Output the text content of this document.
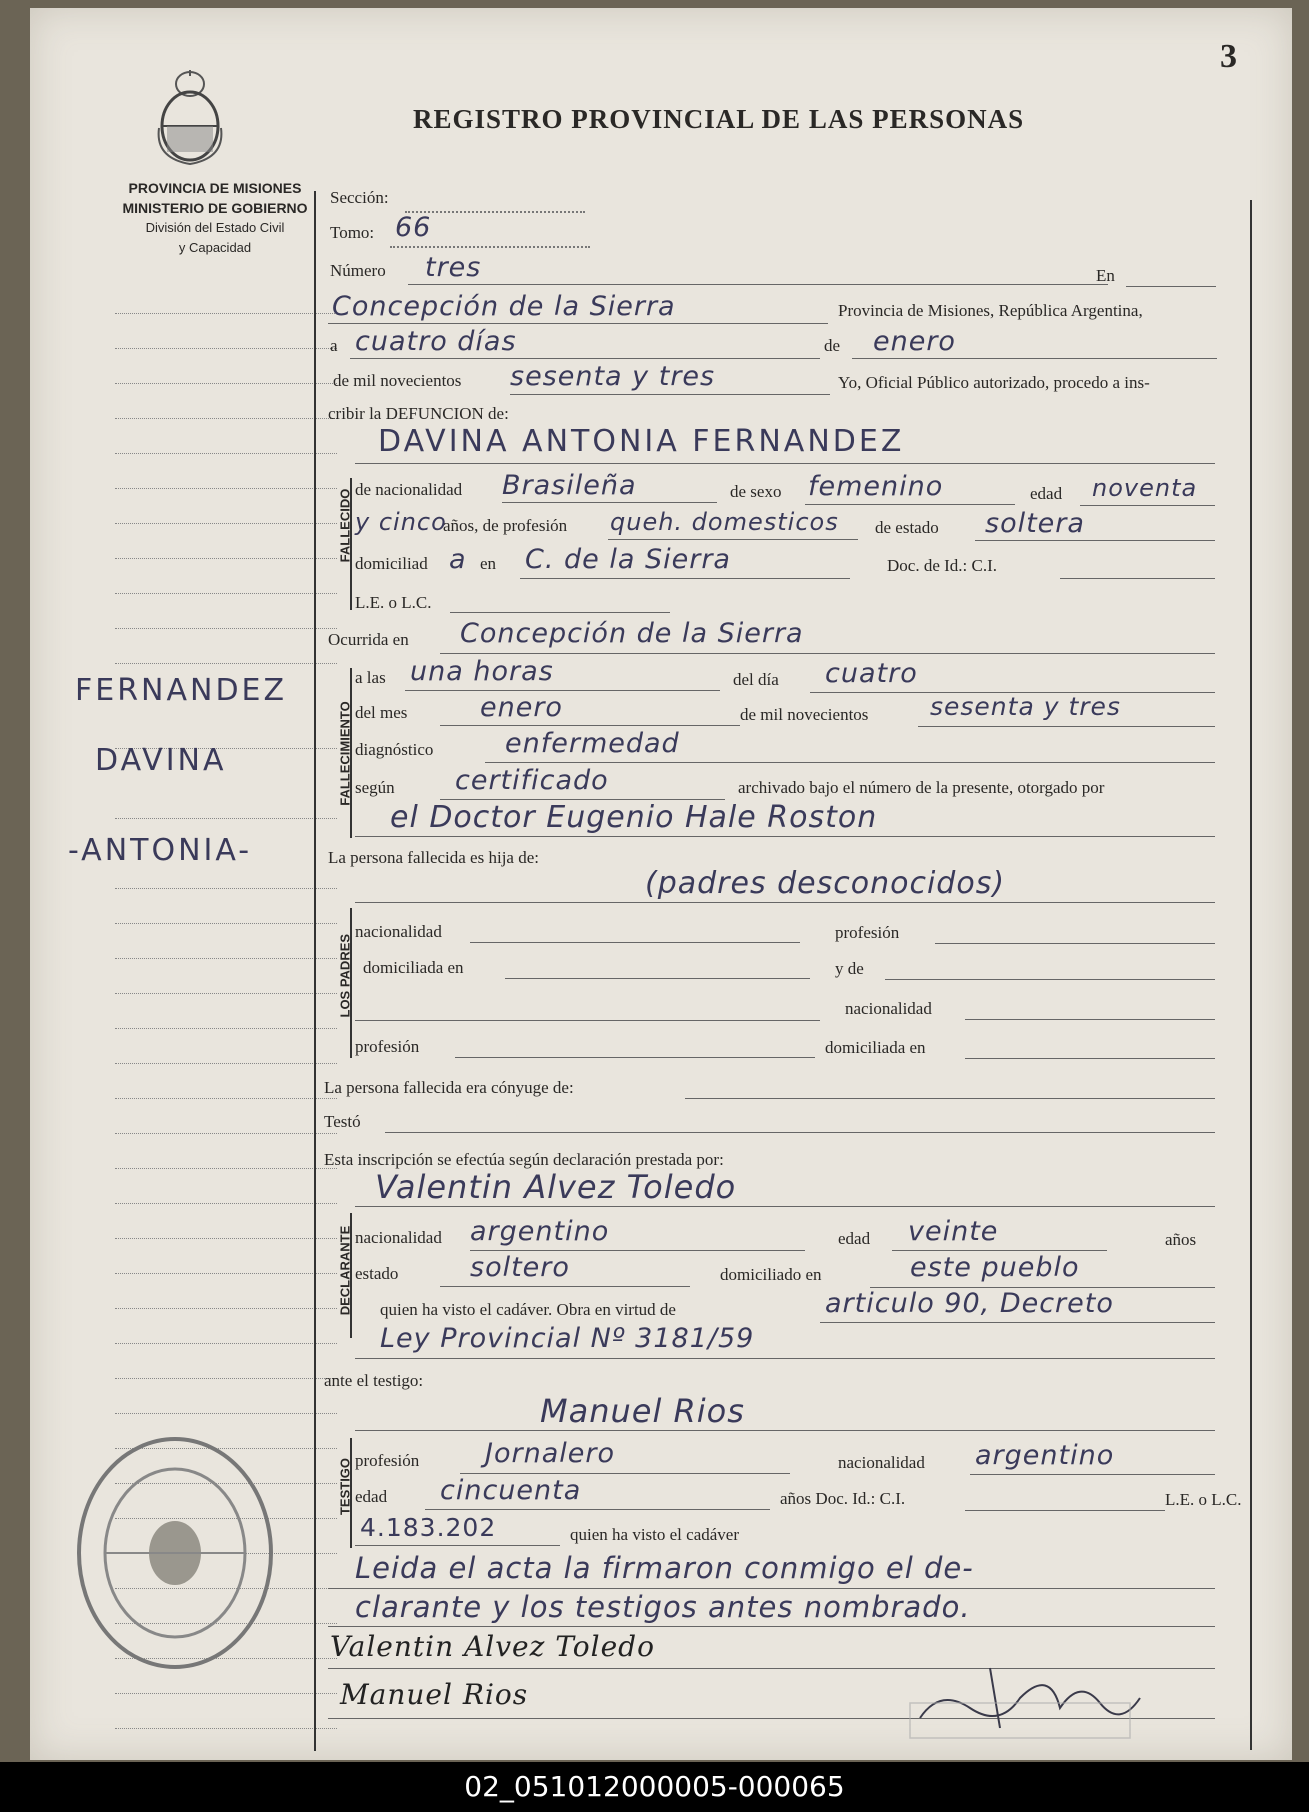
3
REGISTRO PROVINCIAL DE LAS PERSONAS
PROVINCIA DE MISIONES
MINISTERIO DE GOBIERNO
División del Estado Civil
y Capacidad
FERNANDEZ
DAVINA
-ANTONIA-
Sección:
Tomo: 66
Número tres	En
Concepción de la Sierra	Provincia de Misiones, República Argentina,
a cuatro días	de enero
de mil novecientos sesenta y tres	Yo, Oficial Público autorizado, procedo a ins-
cribir la DEFUNCION de:
FALLECIDO
DAVINA ANTONIA FERNANDEZ
de nacionalidad Brasileña	de sexo femenino	edad noventa
y cinco
años, de profesión queh. domesticos de estado soltera
domiciliad a en C. de la Sierra	Doc. de Id.: C.I.
L.E. o L.C.
Ocurrida en Concepción de la Sierra
FALLECIMIENTO
a las una horas	del día cuatro
del mes	enero	de mil novecientos sesenta y tres
diagnóstico	enfermedad
según certificado	archivado bajo el número de la presente, otorgado por
el Doctor Eugenio Hale Roston
La persona fallecida es hija de:
(padres desconocidos)
LOS PADRES
nacionalidad	profesión
domiciliada en	y de
nacionalidad
profesión	domiciliada en
La persona fallecida era cónyuge de:
Testó
Esta inscripción se efectúa según declaración prestada por:
Valentin Alvez Toledo
DECLARANTE nacionalidad argentino	edad veinte	años
estado	soltero	domiciliado en	este pueblo
quien ha visto el cadáver. Obra en virtud de	articulo 90, Decreto
Ley Provincial Nº 3181/59
ante el testigo:
Manuel Rios
TESTIGO profesión Jornalero	nacionalidad argentino
edad cincuenta	años Doc. Id.: C.I.	L.E. o L.C.
4.183.202	quien ha visto el cadáver
Leida el acta la firmaron conmigo el de-
clarante y los testigos antes nombrado.
Valentin Alvez Toledo
Manuel Rios
02_051012000005-000065
